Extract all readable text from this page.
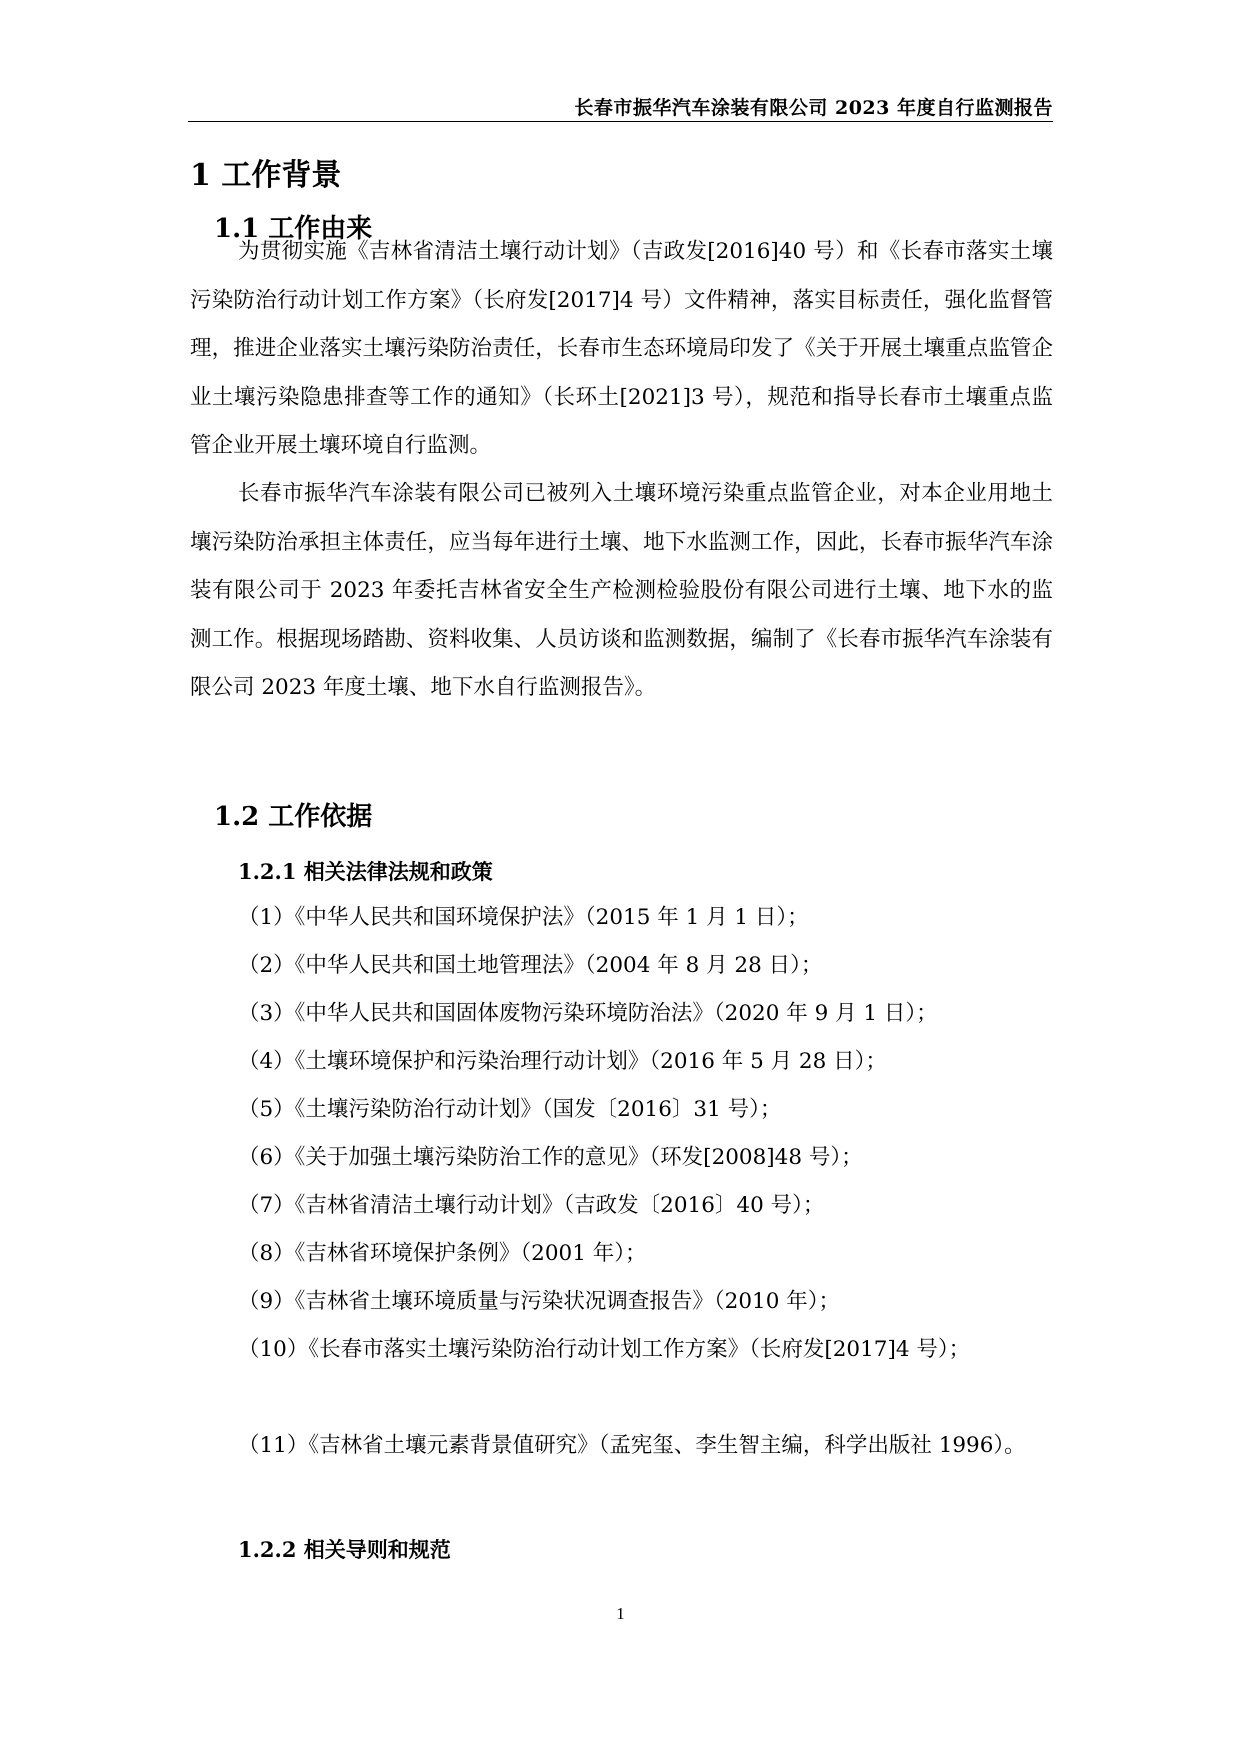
长春市振华汽车涂装有限公司 2023 年度自行监测报告
1 工作背景
1.1 工作由来
为贯彻实施《吉林省清洁土壤行动计划》（吉政发[2016]40 号）和《长春市落实土壤污染防治行动计划工作方案》（长府发[2017]4 号）文件精神，落实目标责任，强化监督管理，推进企业落实土壤污染防治责任，长春市生态环境局印发了《关于开展土壤重点监管企业土壤污染隐患排查等工作的通知》（长环土[2021]3 号），规范和指导长春市土壤重点监管企业开展土壤环境自行监测。
长春市振华汽车涂装有限公司已被列入土壤环境污染重点监管企业，对本企业用地土壤污染防治承担主体责任，应当每年进行土壤、地下水监测工作，因此，长春市振华汽车涂装有限公司于 2023 年委托吉林省安全生产检测检验股份有限公司进行土壤、地下水的监测工作。根据现场踏勘、资料收集、人员访谈和监测数据，编制了《长春市振华汽车涂装有限公司 2023 年度土壤、地下水自行监测报告》。
1.2 工作依据
1.2.1 相关法律法规和政策
（1）《中华人民共和国环境保护法》（2015 年 1 月 1 日）；
（2）《中华人民共和国土地管理法》（2004 年 8 月 28 日）；
（3）《中华人民共和国固体废物污染环境防治法》（2020 年 9 月 1 日）；
（4）《土壤环境保护和污染治理行动计划》（2016 年 5 月 28 日）；
（5）《土壤污染防治行动计划》（国发〔2016〕31 号）；
（6）《关于加强土壤污染防治工作的意见》（环发[2008]48 号）；
（7）《吉林省清洁土壤行动计划》（吉政发〔2016〕40 号）；
（8）《吉林省环境保护条例》（2001 年）；
（9）《吉林省土壤环境质量与污染状况调查报告》（2010 年）；
（10）《长春市落实土壤污染防治行动计划工作方案》（长府发[2017]4 号）；
（11）《吉林省土壤元素背景值研究》（孟宪玺、李生智主编，科学出版社 1996）。
1.2.2 相关导则和规范
1
